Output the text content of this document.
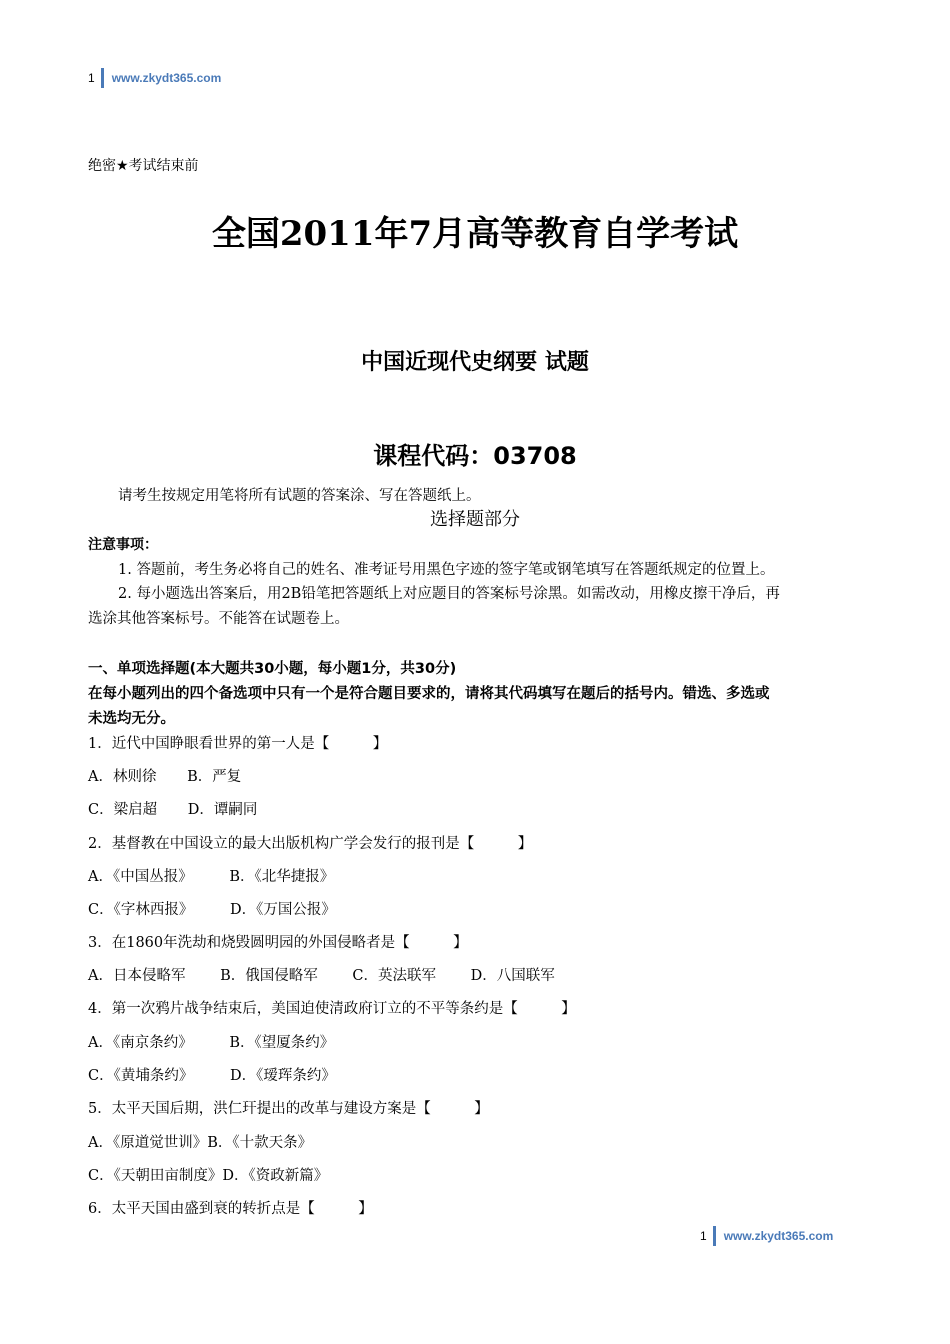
1 www.zkydt365.com
绝密★考试结束前
全国2011年7月高等教育自学考试
中国近现代史纲要 试题
课程代码：03708
请考生按规定用笔将所有试题的答案涂、写在答题纸上。
选择题部分
注意事项：
1. 答题前，考生务必将自己的姓名、准考证号用黑色字迹的签字笔或钢笔填写在答题纸规定的位置上。
2. 每小题选出答案后，用2B铅笔把答题纸上对应题目的答案标号涂黑。如需改动，用橡皮擦干净后，再
选涂其他答案标号。不能答在试题卷上。
一、单项选择题(本大题共30小题，每小题1分，共30分)
在每小题列出的四个备选项中只有一个是符合题目要求的，请将其代码填写在题后的括号内。错选、多选或
未选均无分。
1．近代中国睁眼看世界的第一人是【　　　】
A．林则徐 B．严复
C．梁启超 D．谭嗣同
2．基督教在中国设立的最大出版机构广学会发行的报刊是【　　　】
A．《中国丛报》	B．《北华捷报》
C．《字林西报》	D．《万国公报》
3．在1860年洗劫和烧毁圆明园的外国侵略者是【　　　】
A．日本侵略军 B．俄国侵略军 C．英法联军 D．八国联军
4．第一次鸦片战争结束后，美国迫使清政府订立的不平等条约是【　　　】
A．《南京条约》	B．《望厦条约》
C．《黄埔条约》	D．《瑷珲条约》
5．太平天国后期，洪仁玕提出的改革与建设方案是【　　　】
A．《原道觉世训》B．《十款天条》
C．《天朝田亩制度》D．《资政新篇》
6．太平天国由盛到衰的转折点是【　　　】
1 www.zkydt365.com
